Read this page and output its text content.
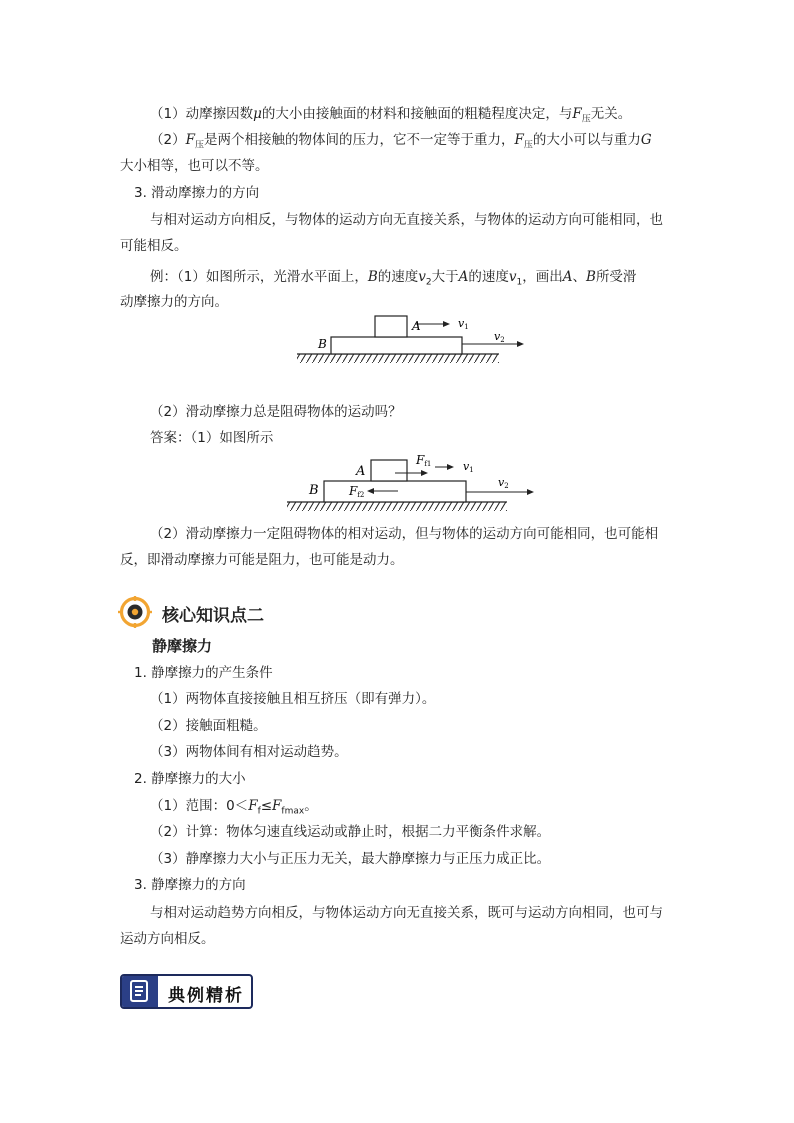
（1）动摩擦因数μ的大小由接触面的材料和接触面的粗糙程度决定，与$F_压$无关。
$(2)F_压$是两个相接触的物体间的压力，它不一定等于重力，$F_压$的大小可以与重力G
大小相等，也可以不等。
3. 滑动摩擦力的方向
与相对运动方向相反，与物体的运动方向无直接关系，与物体的运动方向可能相同，也
可能相反。
例：（1）如图所示，光滑水平面上，B的速度$v_2$大于A的速度$v_1$，画出A、B所受滑
动摩擦力的方向。
B
A	v1
v2
（2）滑动摩擦力总是阻碍物体的运动吗？
答案：（1）如图所示
A
B
Ff1	v1
Ff2
v2
（2）滑动摩擦力一定阻碍物体的相对运动，但与物体的运动方向可能相同，也可能相
反，即滑动摩擦力可能是阻力，也可能是动力。
核心知识点二
静摩擦力
1. 静摩擦力的产生条件
（1）两物体直接接触且相互挤压（即有弹力）。
（2）接触面粗糙。
（3）两物体间有相对运动趋势。
2. 静摩擦力的大小
（1）范围：$0<F_f\le F_{fmax}$。
（2）计算：物体匀速直线运动或静止时，根据二力平衡条件求解。
（3）静摩擦力大小与正压力无关，最大静摩擦力与正压力成正比。
3. 静摩擦力的方向
与相对运动趋势方向相反，与物体运动方向无直接关系，既可与运动方向相同，也可与
运动方向相反。
典例精析
